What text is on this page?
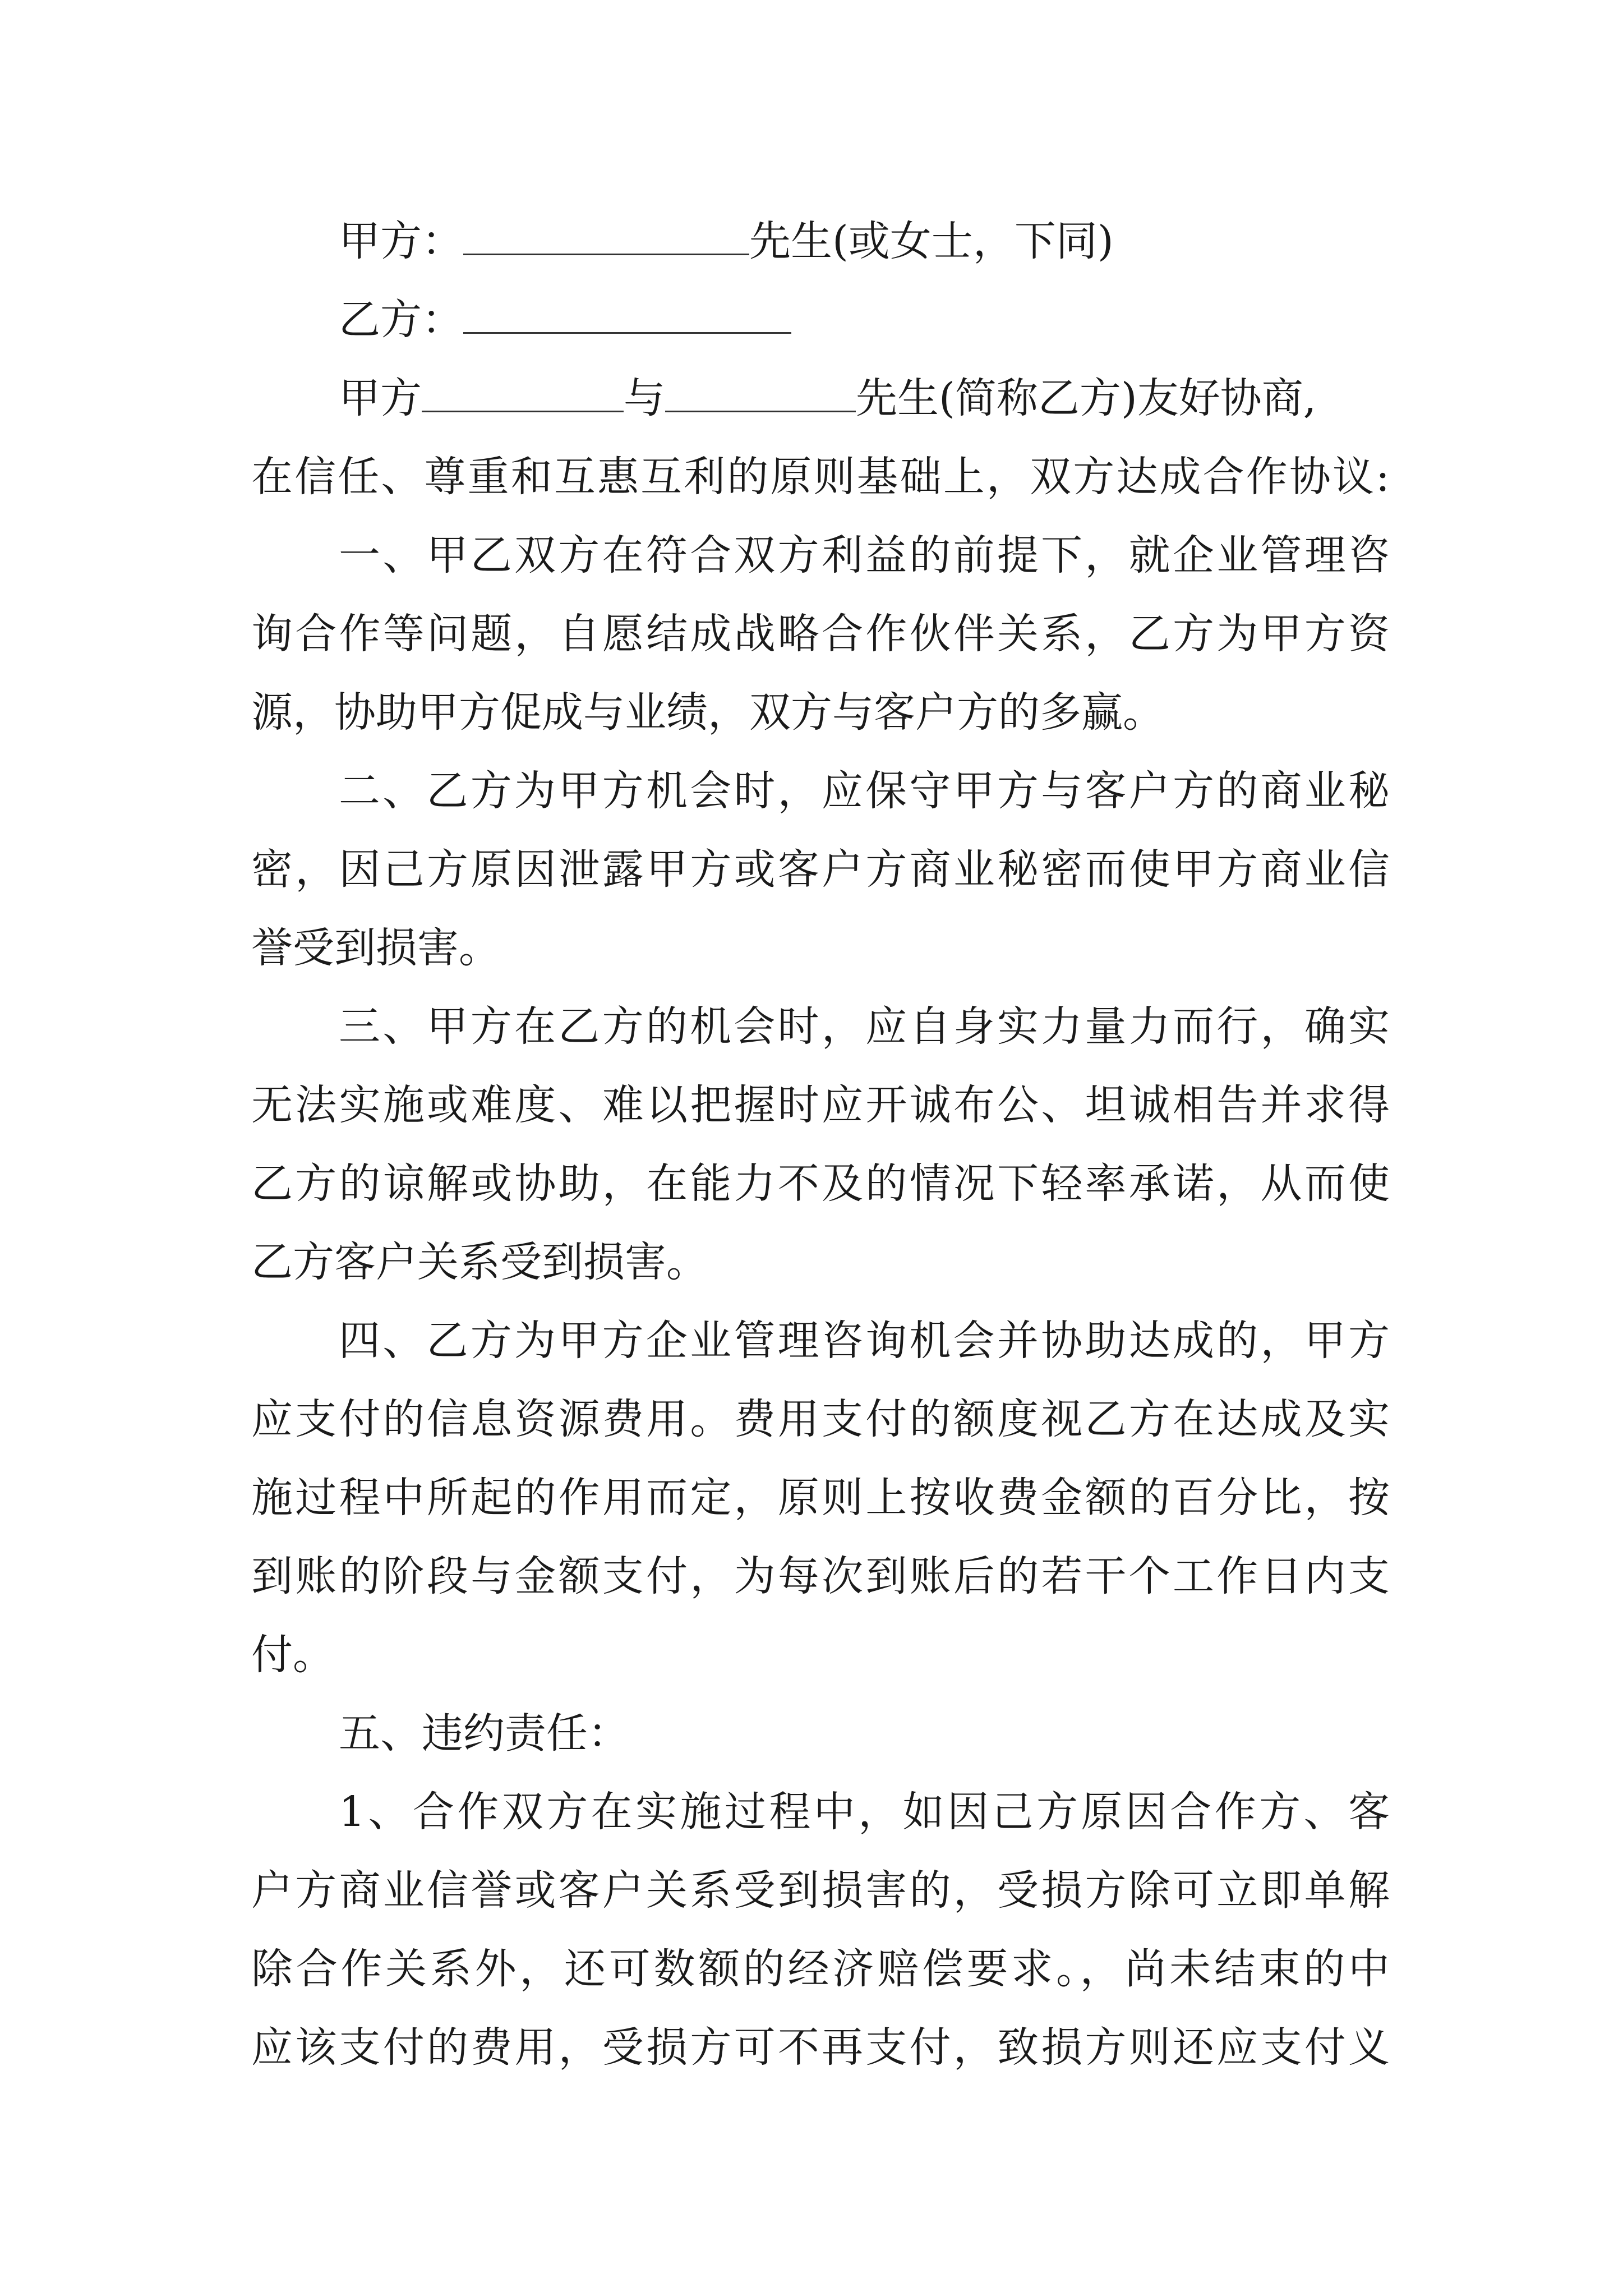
甲方：	先生(或女士，下同)

乙方：

甲方	与	先生(简称乙方)友好协商,

在信任、尊重和互惠互利的原则基础上，双方达成合作协议:

一、甲乙双方在符合双方利益的前提下，就企业管理咨

询合作等问题，自愿结成战略合作伙伴关系，乙方为甲方资

源，协助甲方促成与业绩，双方与客户方的多赢。

二、乙方为甲方机会时，应保守甲方与客户方的商业秘

密，因己方原因泄露甲方或客户方商业秘密而使甲方商业信

誉受到损害。

三、甲方在乙方的机会时，应自身实力量力而行，确实

无法实施或难度、难以把握时应开诚布公、坦诚相告并求得

乙方的谅解或协助，在能力不及的情况下轻率承诺，从而使

乙方客户关系受到损害。

四、乙方为甲方企业管理咨询机会并协助达成的，甲方

应支付的信息资源费用。费用支付的额度视乙方在达成及实

施过程中所起的作用而定，原则上按收费金额的百分比，按

到账的阶段与金额支付，为每次到账后的若干个工作日内支

付。

五、违约责任：

1、合作双方在实施过程中，如因己方原因合作方、客

户方商业信誉或客户关系受到损害的，受损方除可立即单解

除合作关系外，还可数额的经济赔偿要求。，尚未结束的中

应该支付的费用，受损方可不再支付，致损方则还应支付义
